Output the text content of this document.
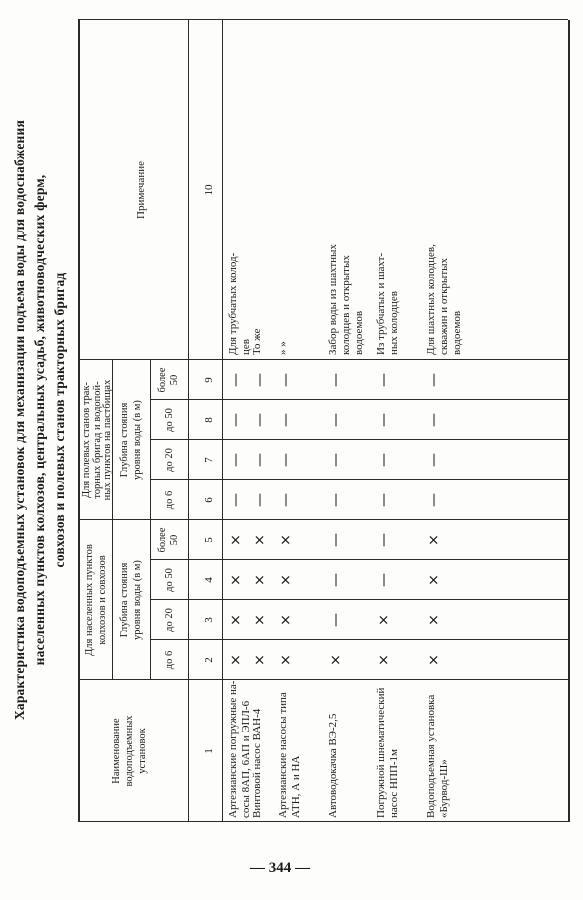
Характеристика водоподъемных установок для механизации подъема воды для водоснабжения населенных пунктов колхозов, центральных усадьб, животноводческих ферм, совхозов и полевых станов тракторных бригад
Наименование водоподъемных установок
Для населенных пунктов колхозов и совхозов
Для полевых станов трак- торных бригад и водопой- ных пунктов на пастбищах
Глубина стояния уровня воды (в м)
Глубина стояния уровня воды (в м)
Примечание
до 6
до 20
до 50
более 50
до 6
до 20
до 50
более 50
1
2
3
4
5
6
7
8
9
10
Артезианские погружные на- сосы 8АП, 6АП и ЭПЛ-6
×
×
×
×
—
—
—
—
Для трубчатых колод- цев
Винтовой насос ВАН-4
×
×
×
×
—
—
—
—
То же
Артезианские насосы типа АТН, А и НА
×
×
×
×
—
—
—
—
» »
Автоводокачка ВЭ-2,5
×
—
—
—
—
—
—
—
Забор воды из шахтных колодцев и открытых водоемов
Погружной шнематический насос НПП-1м
×
×
—
—
—
—
—
—
Из трубчатых и шахт- ных колодцев
Водоподъемная установка «Бурвод-Ш»
×
×
×
×
—
—
—
—
Для шахтных колодцев, скважин и открытых водоемов
— 344 —
